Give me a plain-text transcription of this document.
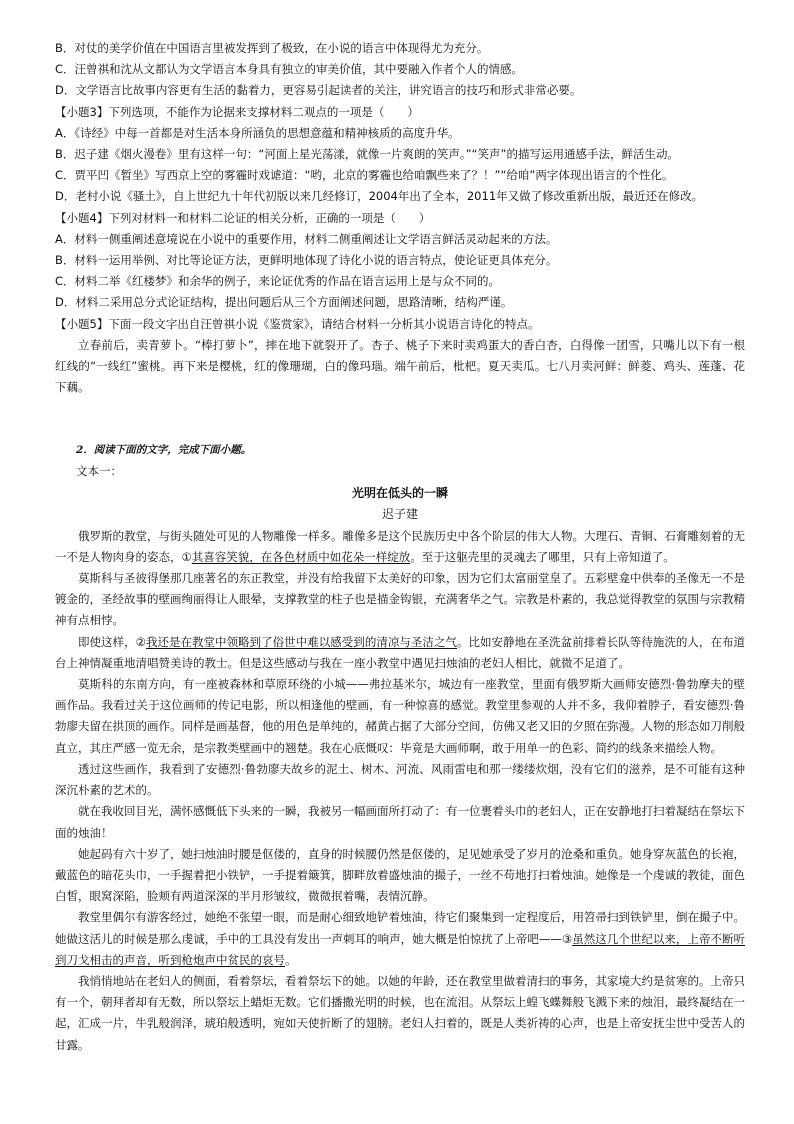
B．对仗的美学价值在中国语言里被发挥到了极致，在小说的语言中体现得尤为充分。
C．汪曾祺和沈从文都认为文学语言本身具有独立的审美价值，其中要融入作者个人的情感。
D．文学语言比故事内容更有生活的黏着力，更容易引起读者的关注，讲究语言的技巧和形式非常必要。
【小题3】下列选项，不能作为论据来支撑材料二观点的一项是（　　）
A．《诗经》中每一首都是对生活本身所涵负的思想意蕴和精神核质的高度升华。
B．迟子建《烟火漫卷》里有这样一句：“河面上星光荡漾，就像一片爽朗的笑声。”“笑声”的描写运用通感手法，鲜活生动。
C．贾平凹《暂坐》写西京上空的雾霾时戏谑道：“哟，北京的雾霾也给咱飘些来了？！”“给咱”两字体现出语言的个性化。
D．老村小说《骚土》，自上世纪九十年代初版以来几经修订，2004年出了全本，2011年又做了修改重新出版，最近还在修改。
【小题4】下列对材料一和材料二论证的相关分析，正确的一项是（　　）
A．材料一侧重阐述意境说在小说中的重要作用，材料二侧重阐述让文学语言鲜活灵动起来的方法。
B．材料一运用举例、对比等论证方法，更鲜明地体现了诗化小说的语言特点，使论证更具体充分。
C．材料二举《红楼梦》和余华的例子，来论证优秀的作品在语言运用上是与众不同的。
D．材料二采用总分式论证结构，提出问题后从三个方面阐述问题，思路清晰，结构严谨。
【小题5】下面一段文字出自汪曾祺小说《鉴赏家》，请结合材料一分析其小说语言诗化的特点。
立春前后，卖青萝卜。“棒打萝卜”，摔在地下就裂开了。杏子、桃子下来时卖鸡蛋大的香白杏，白得像一团雪，只嘴儿以下有一根红线的“一线红”蜜桃。再下来是樱桃，红的像珊瑚，白的像玛瑙。端午前后，枇杷。夏天卖瓜。七八月卖河鲜：鲜菱、鸡头、莲蓬、花下藕。
2．阅读下面的文字，完成下面小题。
文本一：
光明在低头的一瞬
迟子建
俄罗斯的教堂，与街头随处可见的人物雕像一样多。雕像多是这个民族历史中各个阶层的伟大人物。大理石、青铜、石膏雕刻着的无一不是人物肉身的姿态，①其喜容笑貌，在各色材质中如花朵一样绽放。至于这躯壳里的灵魂去了哪里，只有上帝知道了。
莫斯科与圣彼得堡那几座著名的东正教堂，并没有给我留下太美好的印象，因为它们太富丽堂皇了。五彩壁龛中供奉的圣像无一不是镀金的，圣经故事的壁画绚丽得让人眼晕，支撑教堂的柱子也是描金钩银，充满奢华之气。宗教是朴素的，我总觉得教堂的氛围与宗教精神有点相悖。
即使这样，②我还是在教堂中领略到了俗世中难以感受到的清凉与圣洁之气。比如安静地在圣洗盆前排着长队等待施洗的人，在布道台上神情凝重地清唱赞美诗的教士。但是这些感动与我在一座小教堂中遇见扫烛油的老妇人相比，就微不足道了。
莫斯科的东南方向，有一座被森林和草原环绕的小城——弗拉基米尔，城边有一座教堂，里面有俄罗斯大画师安德烈·鲁勃摩夫的壁画作品。我看过关于这位画师的传记电影，所以相逢他的壁画，有一种惊喜的感觉。教堂里参观的人并不多，我仰着脖子，看安德烈·鲁勃廖夫留在拱顶的画作。同样是画基督，他的用色是单纯的，赭黄占据了大部分空间，仿佛又老又旧的夕照在弥漫。人物的形态如刀削般直立，其庄严感一览无余，是宗教类壁画中的翘楚。我在心底慨叹：毕竟是大画师啊，敢于用单一的色彩、简约的线条来描绘人物。
透过这些画作，我看到了安德烈·鲁勃廖夫故乡的泥土、树木、河流、风雨雷电和那一缕缕炊烟，没有它们的滋养，是不可能有这种深沉朴素的艺术的。
就在我收回目光，满怀感慨低下头来的一瞬，我被另一幅画面所打动了：有一位裹着头巾的老妇人，正在安静地打扫着凝结在祭坛下面的烛油！
她起码有六十岁了，她扫烛油时腰是伛偻的，直身的时候腰仍然是伛偻的，足见她承受了岁月的沧桑和重负。她身穿灰蓝色的长袍，戴蓝色的暗花头巾，一手握着把小铁铲，一手提着簸箕，脚畔放着盛烛油的撮子，一丝不苟地打扫着烛油。她像是一个虔诚的教徒，面色白皙，眼窝深陷，脸颊有两道深深的半月形皱纹，微微抿着嘴，表情沉静。
教堂里偶尔有游客经过，她绝不张望一眼，而是耐心细致地铲着烛油，待它们聚集到一定程度后，用笤帚扫到铁铲里，倒在撮子中。她做这活儿的时候是那么虔诚，手中的工具没有发出一声刺耳的响声，她大概是怕惊扰了上帝吧——③虽然这几个世纪以来，上帝不断听到刀戈相击的声音，听到枪炮声中贫民的哀号。
我悄悄地站在老妇人的侧面，看着祭坛，看着祭坛下的她。以她的年龄，还在教堂里做着清扫的事务，其家境大约是贫寒的。上帝只有一个，朝拜者却有无数，所以祭坛上蜡炬无数。它们播撒光明的时候，也在流泪。从祭坛上蝗飞蝶舞般飞溅下来的烛泪，最终凝结在一起，汇成一片，牛乳般润泽，琥珀般透明，宛如天使折断了的翅膀。老妇人扫着的，既是人类祈祷的心声，也是上帝安抚尘世中受苦人的甘露。
